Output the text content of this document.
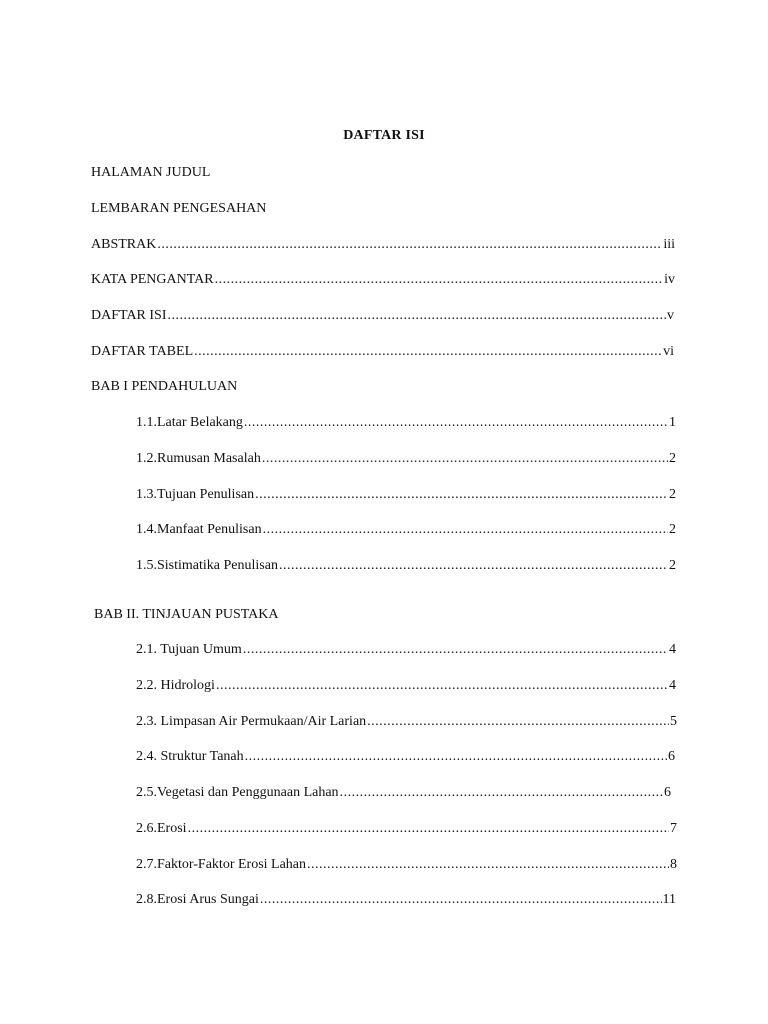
DAFTAR ISI
HALAMAN JUDUL
LEMBARAN PENGESAHAN
ABSTRAK .....	iii
KATA PENGANTAR .....	iv
DAFTAR ISI .....	v
DAFTAR TABEL .....	vi
BAB I PENDAHULUAN
1.1.Latar Belakang .....	1
1.2.Rumusan Masalah .....	2
1.3.Tujuan Penulisan .....	2
1.4.Manfaat Penulisan .....	2
1.5.Sistimatika Penulisan .....	2
BAB II. TINJAUAN PUSTAKA
2.1. Tujuan Umum .....	4
2.2. Hidrologi .....	4
2.3. Limpasan Air Permukaan/Air Larian .....	5
2.4. Struktur Tanah .....	6
2.5.Vegetasi dan Penggunaan Lahan .....	6
2.6.Erosi .....	7
2.7.Faktor-Faktor Erosi Lahan .....	8
2.8.Erosi Arus Sungai .....	11
